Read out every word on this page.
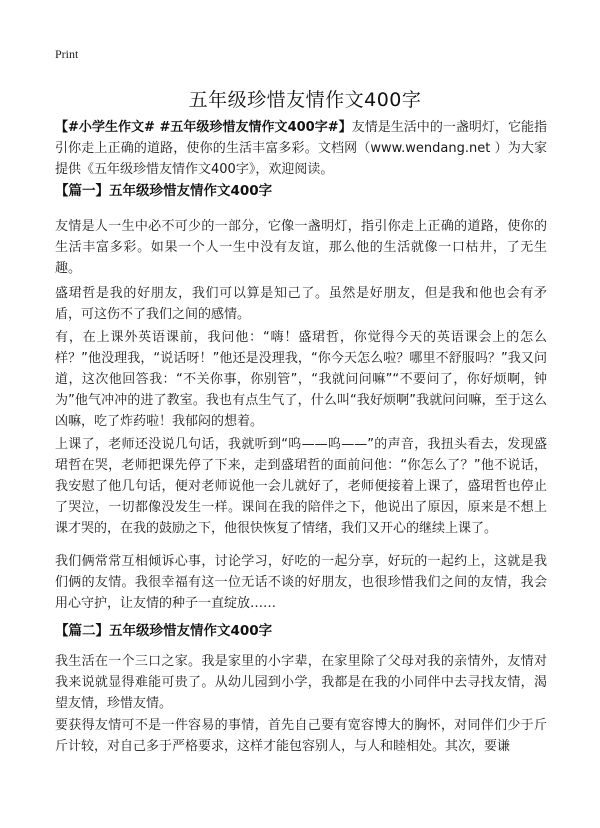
Print
五年级珍惜友情作文400字

【#小学生作文# #五年级珍惜友情作文400字#】友情是生活中的一盏明灯，它能指引你走上正确的道路，使你的生活丰富多彩。文档网（www.wendang.net ）为大家提供《五年级珍惜友情作文400字》，欢迎阅读。

【篇一】五年级珍惜友情作文400字

友情是人一生中必不可少的一部分，它像一盏明灯，指引你走上正确的道路，使你的生活丰富多彩。如果一个人一生中没有友谊，那么他的生活就像一口枯井，了无生趣。

盛珺哲是我的好朋友，我们可以算是知己了。虽然是好朋友，但是我和他也会有矛盾，可这伤不了我们之间的感情。

有，在上课外英语课前，我问他：“嗨！盛珺哲，你觉得今天的英语课会上的怎么样？”他没理我，“说话呀！”他还是没理我，“你今天怎么啦？哪里不舒服吗？”我又问道，这次他回答我：“不关你事，你别管”，“我就问问嘛”“不要问了，你好烦啊，钟为”他气冲冲的进了教室。我也有点生气了，什么叫“我好烦啊”我就问问嘛，至于这么凶嘛，吃了炸药啦！我郁闷的想着。

上课了，老师还没说几句话，我就听到“呜——呜——”的声音，我扭头看去，发现盛珺哲在哭，老师把课先停了下来，走到盛珺哲的面前问他：“你怎么了？”他不说话，我安慰了他几句话，便对老师说他一会儿就好了，老师便接着上课了，盛珺哲也停止了哭泣，一切都像没发生一样。课间在我的陪伴之下，他说出了原因，原来是不想上课才哭的，在我的鼓励之下，他很快恢复了情绪，我们又开心的继续上课了。

我们俩常常互相倾诉心事，讨论学习，好吃的一起分享，好玩的一起约上，这就是我们俩的友情。我很幸福有这一位无话不谈的好朋友，也很珍惜我们之间的友情，我会用心守护，让友情的种子一直绽放……

【篇二】五年级珍惜友情作文400字

我生活在一个三口之家。我是家里的小字辈，在家里除了父母对我的亲情外，友情对我来说就显得难能可贵了。从幼儿园到小学，我都是在我的小同伴中去寻找友情，渴望友情，珍惜友情。

要获得友情可不是一件容易的事情，首先自己要有宽容博大的胸怀，对同伴们少于斤斤计较，对自己多于严格要求，这样才能包容别人，与人和睦相处。其次，要谦
